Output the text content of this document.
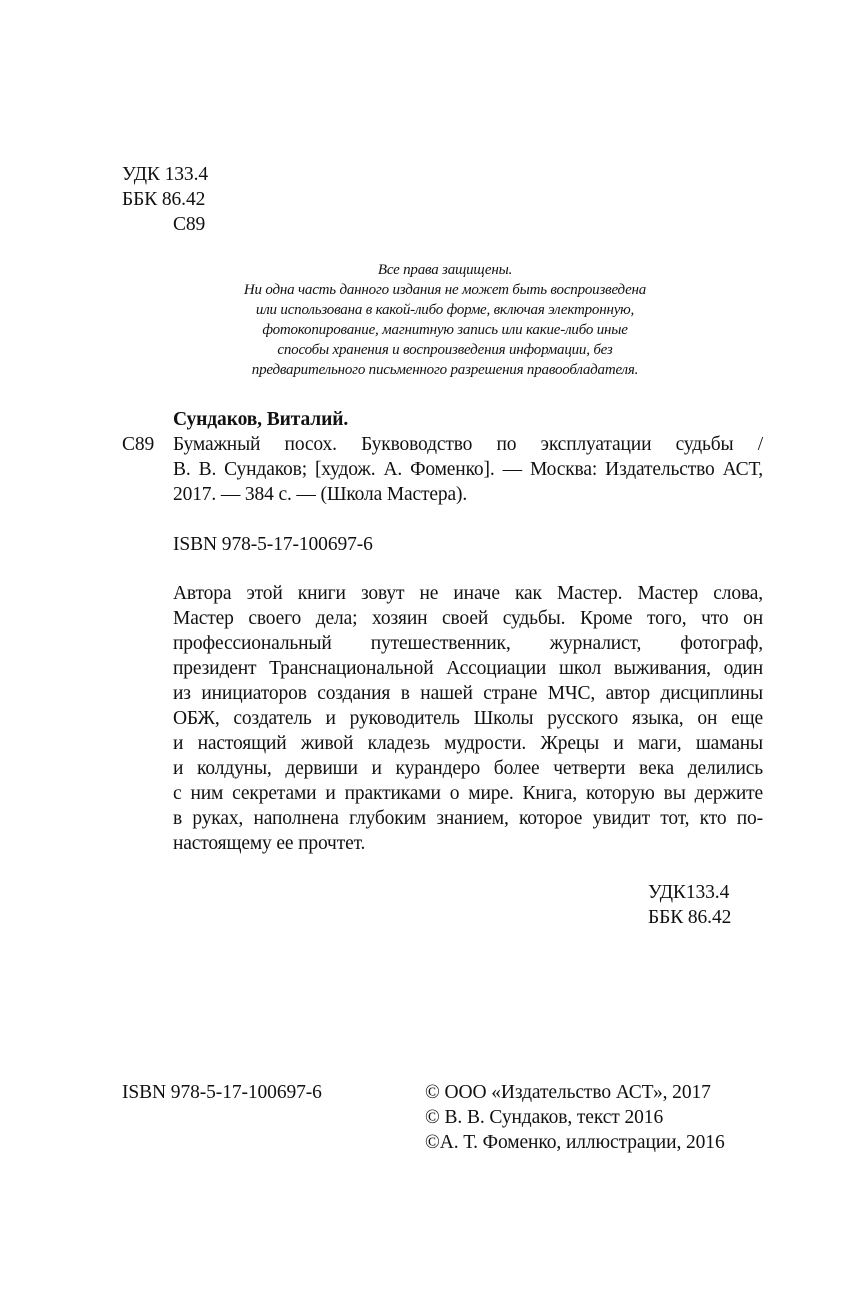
УДК 133.4
ББК 86.42
С89
Все права защищены.
Ни одна часть данного издания не может быть воспроизведена
или использована в какой-либо форме, включая электронную,
фотокопирование, магнитную запись или какие-либо иные
способы хранения и воспроизведения информации, без
предварительного письменного разрешения правообладателя.
Сундаков, Виталий.
С89 Бумажный посох. Буквоводство по эксплуатации судьбы /
В. В. Сундаков; [худож. А. Фоменко]. — Москва: Издательство АСТ,
2017. — 384 с. — (Школа Мастера).
ISBN 978-5-17-100697-6
Автора этой книги зовут не иначе как Мастер. Мастер слова,
Мастер своего дела; хозяин своей судьбы. Кроме того, что он
профессиональный путешественник, журналист, фотограф,
президент Транснациональной Ассоциации школ выживания, один
из инициаторов создания в нашей стране МЧС, автор дисциплины
ОБЖ, создатель и руководитель Школы русского языка, он еще
и настоящий живой кладезь мудрости. Жрецы и маги, шаманы
и колдуны, дервиши и курандеро более четверти века делились
с ним секретами и практиками о мире. Книга, которую вы держите
в руках, наполнена глубоким знанием, которое увидит тот, кто по-
настоящему ее прочтет.
УДК133.4
ББК 86.42
ISBN 978-5-17-100697-6	© ООО «Издательство АСТ», 2017
© В. В. Сундаков, текст 2016
©А. Т. Фоменко, иллюстрации, 2016
